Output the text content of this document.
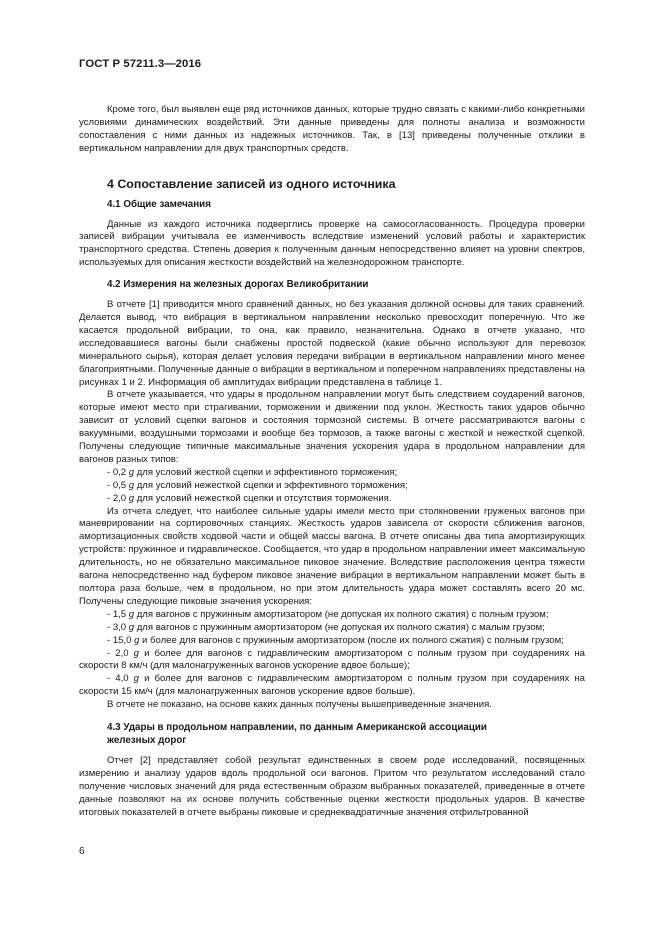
ГОСТ Р 57211.3—2016

Кроме того, был выявлен еще ряд источников данных, которые трудно связать с какими-либо конкретными условиями динамических воздействий. Эти данные приведены для полноты анализа и возможности сопоставления с ними данных из надежных источников. Так, в [13] приведены полученные отклики в вертикальном направлении для двух транспортных средств.

4 Сопоставление записей из одного источника
4.1 Общие замечания

Данные из каждого источника подверглись проверке на самосогласованность. Процедура проверки записей вибрации учитывала ее изменчивость вследствие изменений условий работы и характеристик транспортного средства. Степень доверия к полученным данным непосредственно влияет на уровни спектров, используемых для описания жесткости воздействий на железнодорожном транспорте.

4.2 Измерения на железных дорогах Великобритании

В отчете [1] приводится много сравнений данных, но без указания должной основы для таких сравнений. Делается вывод, что вибрация в вертикальном направлении несколько превосходит поперечную. Что же касается продольной вибрации, то она, как правило, незначительна. Однако в отчете указано, что исследовавшиеся вагоны были снабжены простой подвеской (какие обычно используют для перевозок минерального сырья), которая делает условия передачи вибрации в вертикальном направлении много менее благоприятными. Полученные данные о вибрации в вертикальном и поперечном направлениях представлены на рисунках 1 и 2. Информация об амплитудах вибрации представлена в таблице 1.

В отчете указывается, что удары в продольном направлении могут быть следствием соударений вагонов, которые имеют место при страгивании, торможении и движении под уклон. Жесткость таких ударов обычно зависит от условий сцепки вагонов и состояния тормозной системы. В отчете рассматриваются вагоны с вакуумными, воздушными тормозами и вообще без тормозов, а также вагоны с жесткой и нежесткой сцепкой. Получены следующие типичные максимальные значения ускорения удара в продольном направлении для вагонов разных типов:

- 0,2 g для условий жесткой сцепки и эффективного торможения;

- 0,5 g для условий нежесткой сцепки и эффективного торможения;

- 2,0 g для условий нежесткой сцепки и отсутствия торможения.

Из отчета следует, что наиболее сильные удары имели место при столкновении груженых вагонов при маневрировании на сортировочных станциях. Жесткость ударов зависела от скорости сближения вагонов, амортизационных свойств ходовой части и общей массы вагона. В отчете описаны два типа амортизирующих устройств: пружинное и гидравлическое. Сообщается, что удар в продольном направлении имеет максимальную длительность, но не обязательно максимальное пиковое значение. Вследствие расположения центра тяжести вагона непосредственно над буфером пиковое значение вибрации в вертикальном направлении может быть в полтора раза больше, чем в продольном, но при этом длительность удара может составлять всего 20 мс. Получены следующие пиковые значения ускорения:

- 1,5 g для вагонов с пружинным амортизатором (не допуская их полного сжатия) с полным грузом;

- 3,0 g для вагонов с пружинным амортизатором (не допуская их полного сжатия) с малым грузом;

- 15,0 g и более для вагонов с пружинным амортизатором (после их полного сжатия) с полным грузом;

- 2,0 g и более для вагонов с гидравлическим амортизатором с полным грузом при соударениях на скорости 8 км/ч (для малонагруженных вагонов ускорение вдвое больше);

- 4,0 g и более для вагонов с гидравлическим амортизатором с полным грузом при соударениях на скорости 15 км/ч (для малонагруженных вагонов ускорение вдвое больше).

В отчете не показано, на основе каких данных получены вышеприведенные значения.

4.3 Удары в продольном направлении, по данным Американской ассоциации
железных дорог

Отчет [2] представляет собой результат единственных в своем роде исследований, посвященных измерению и анализу ударов вдоль продольной оси вагонов. Притом что результатом исследований стало получение числовых значений для ряда естественным образом выбранных показателей, приведенные в отчете данные позволяют на их основе получить собственные оценки жесткости продольных ударов. В качестве итоговых показателей в отчете выбраны пиковые и среднеквадратичные значения отфильтрованной

6
